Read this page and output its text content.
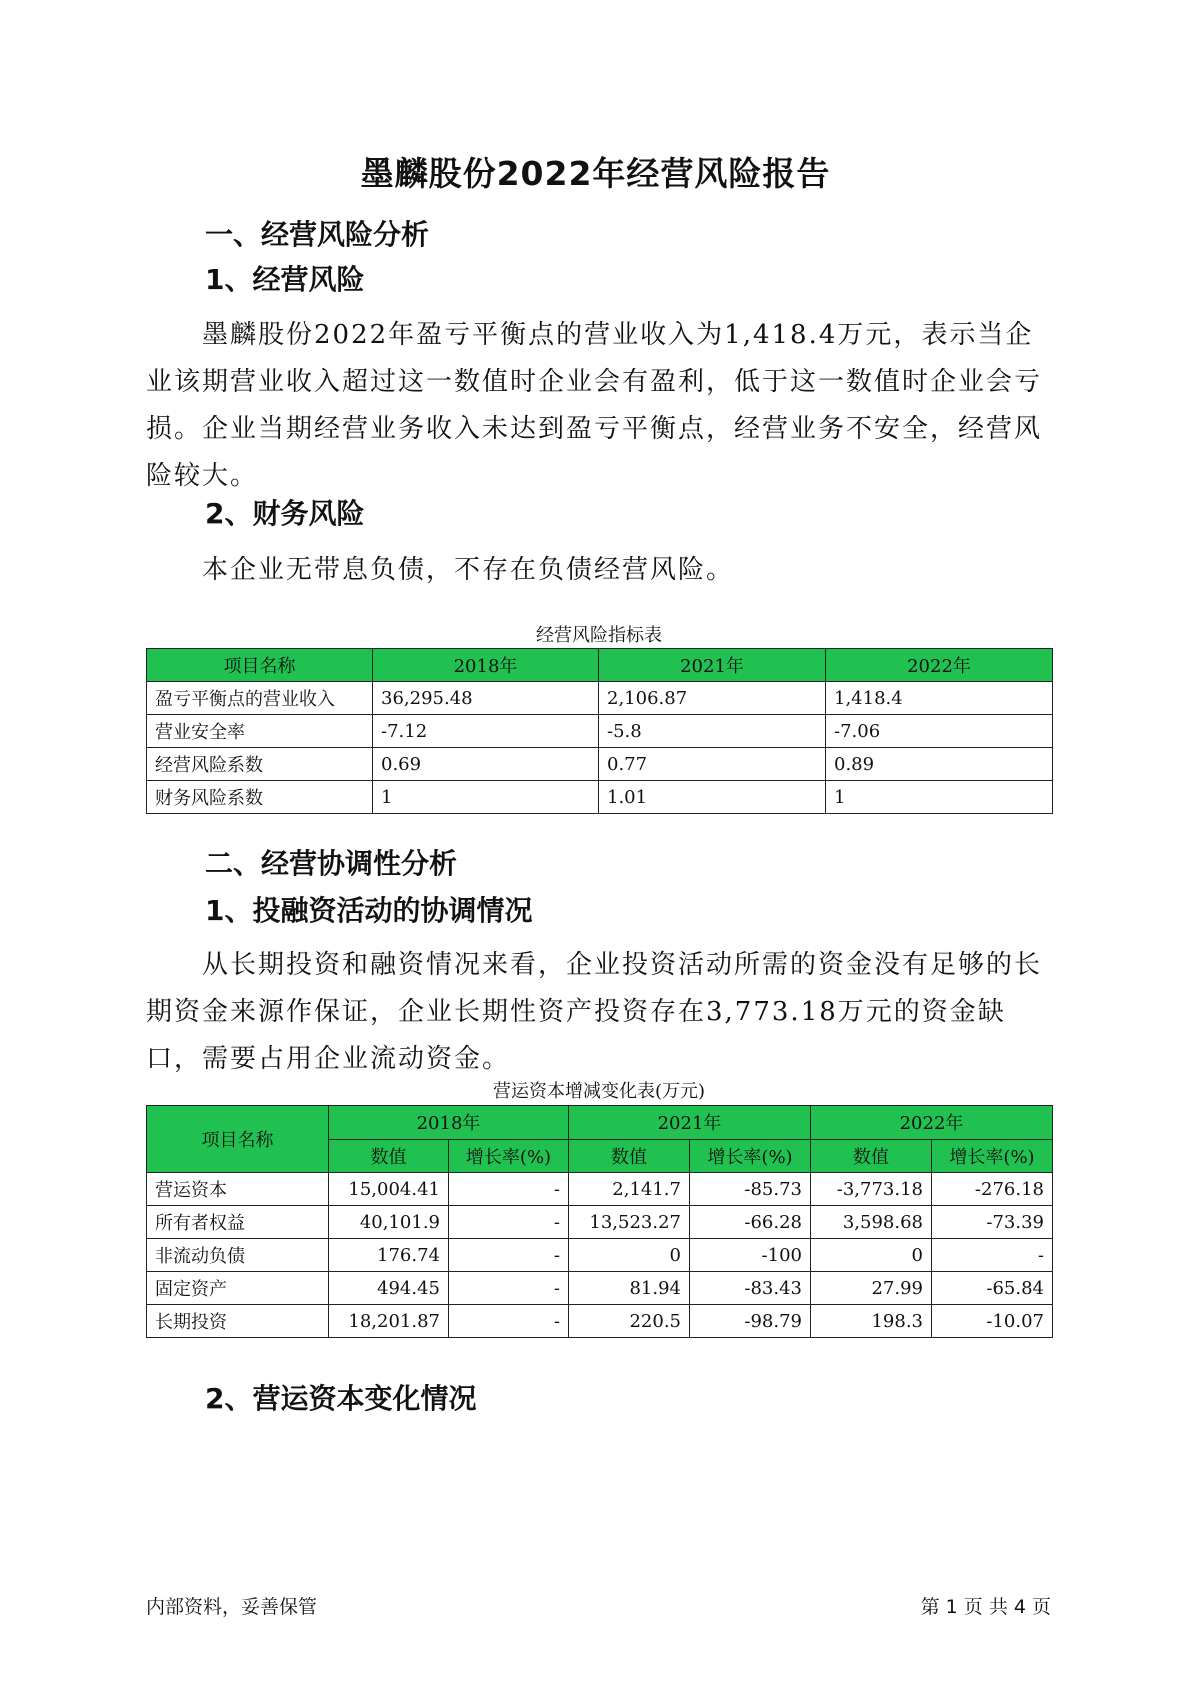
墨麟股份2022年经营风险报告
一、经营风险分析
1、经营风险
墨麟股份2022年盈亏平衡点的营业收入为1,418.4万元，表示当企业该期营业收入超过这一数值时企业会有盈利，低于这一数值时企业会亏损。企业当期经营业务收入未达到盈亏平衡点，经营业务不安全，经营风险较大。
2、财务风险
本企业无带息负债，不存在负债经营风险。
经营风险指标表
项目名称	2018年	2021年	2022年
盈亏平衡点的营业收入	36,295.48	2,106.87	1,418.4
营业安全率	-7.12	-5.8	-7.06
经营风险系数	0.69	0.77	0.89
财务风险系数	1	1.01	1
二、经营协调性分析
1、投融资活动的协调情况
从长期投资和融资情况来看，企业投资活动所需的资金没有足够的长期资金来源作保证，企业长期性资产投资存在3,773.18万元的资金缺口，需要占用企业流动资金。
营运资本增减变化表(万元)
项目名称	2018年		2021年		2022年	
	数值	增长率(%)	数值	增长率(%)	数值	增长率(%)
营运资本	15,004.41	-	2,141.7	-85.73	-3,773.18	-276.18
所有者权益	40,101.9	-	13,523.27	-66.28	3,598.68	-73.39
非流动负债	176.74	-	0	-100	0	-
固定资产	494.45	-	81.94	-83.43	27.99	-65.84
长期投资	18,201.87	-	220.5	-98.79	198.3	-10.07
2、营运资本变化情况
内部资料，妥善保管	第 1 页 共 4 页
